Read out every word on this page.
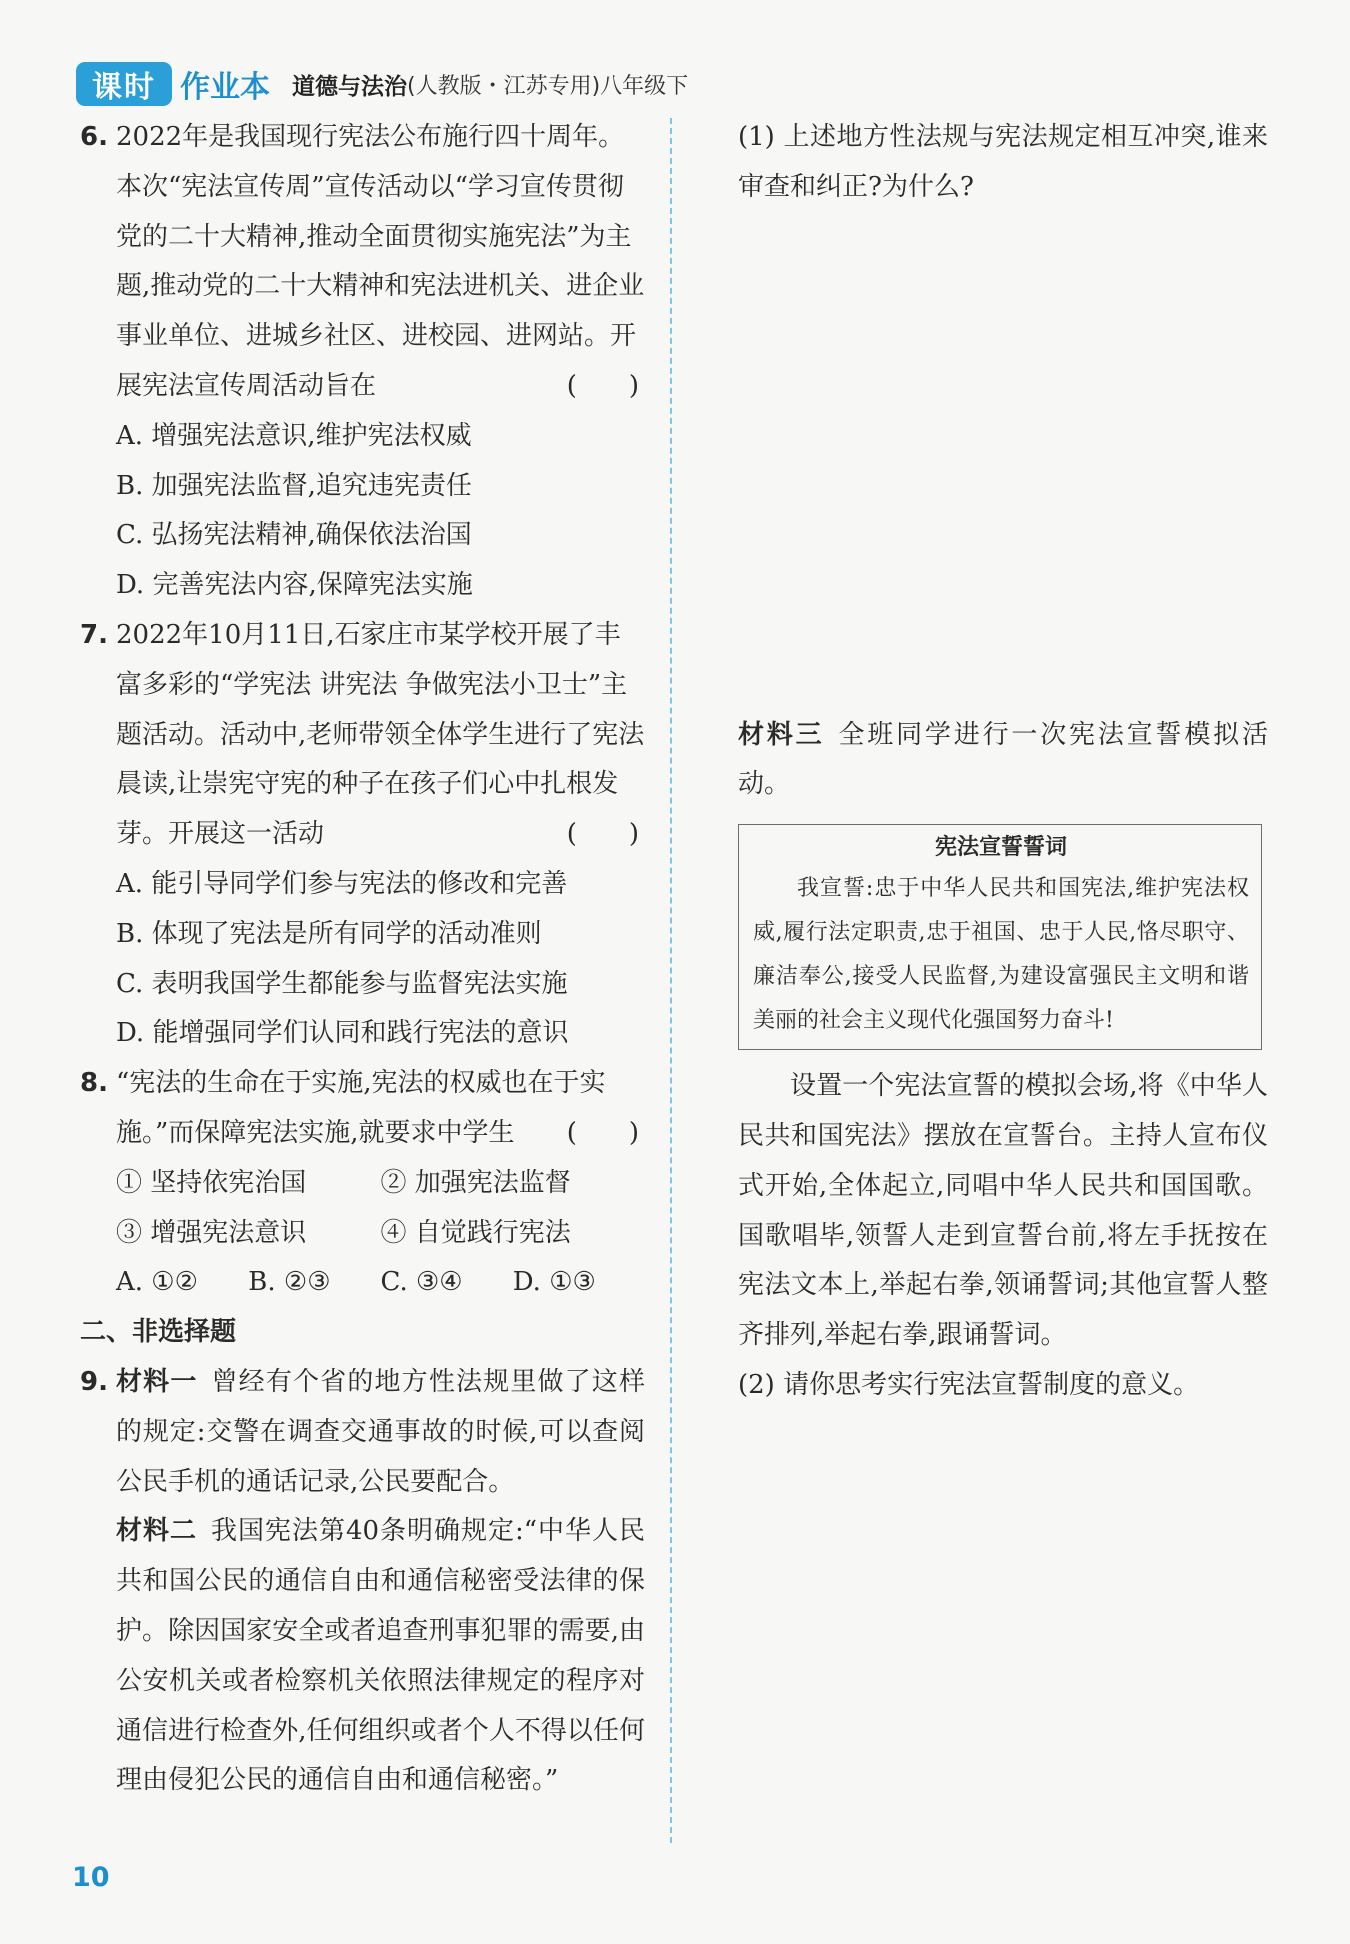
课时 作业本 道德与法治 (人教版・江苏专用)八年级下
6. 2022年是我国现行宪法公布施行四十周年。本次“宪法宣传周”宣传活动以“学习宣传贯彻党的二十大精神,推动全面贯彻实施宪法”为主题,推动党的二十大精神和宪法进机关、进企业事业单位、进城乡社区、进校园、进网站。开展宪法宣传周活动旨在	(　　)
A. 增强宪法意识,维护宪法权威
B. 加强宪法监督,追究违宪责任
C. 弘扬宪法精神,确保依法治国
D. 完善宪法内容,保障宪法实施
7. 2022年10月11日,石家庄市某学校开展了丰富多彩的“学宪法 讲宪法 争做宪法小卫士”主题活动。活动中,老师带领全体学生进行了宪法晨读,让崇宪守宪的种子在孩子们心中扎根发芽。开展这一活动	(　　)
A. 能引导同学们参与宪法的修改和完善
B. 体现了宪法是所有同学的活动准则
C. 表明我国学生都能参与监督宪法实施
D. 能增强同学们认同和践行宪法的意识
8. “宪法的生命在于实施,宪法的权威也在于实施。”而保障宪法实施,就要求中学生 (　　)
① 坚持依宪治国	② 加强宪法监督
③ 增强宪法意识	④ 自觉践行宪法
A. ①②	B. ②③	C. ③④	D. ①③
二、非选择题
9. 材料一 曾经有个省的地方性法规里做了这样的规定:交警在调查交通事故的时候,可以查阅公民手机的通话记录,公民要配合。
材料二 我国宪法第40条明确规定:“中华人民共和国公民的通信自由和通信秘密受法律的保护。除因国家安全或者追查刑事犯罪的需要,由公安机关或者检察机关依照法律规定的程序对通信进行检查外,任何组织或者个人不得以任何理由侵犯公民的通信自由和通信秘密。”
(1) 上述地方性法规与宪法规定相互冲突,谁来审查和纠正?为什么?
材料三 全班同学进行一次宪法宣誓模拟活动。
宪法宣誓誓词
我宣誓:忠于中华人民共和国宪法,维护宪法权威,履行法定职责,忠于祖国、忠于人民,恪尽职守、廉洁奉公,接受人民监督,为建设富强民主文明和谐美丽的社会主义现代化强国努力奋斗!
设置一个宪法宣誓的模拟会场,将《中华人民共和国宪法》摆放在宣誓台。主持人宣布仪式开始,全体起立,同唱中华人民共和国国歌。国歌唱毕,领誓人走到宣誓台前,将左手抚按在宪法文本上,举起右拳,领诵誓词;其他宣誓人整齐排列,举起右拳,跟诵誓词。
(2) 请你思考实行宪法宣誓制度的意义。
10
